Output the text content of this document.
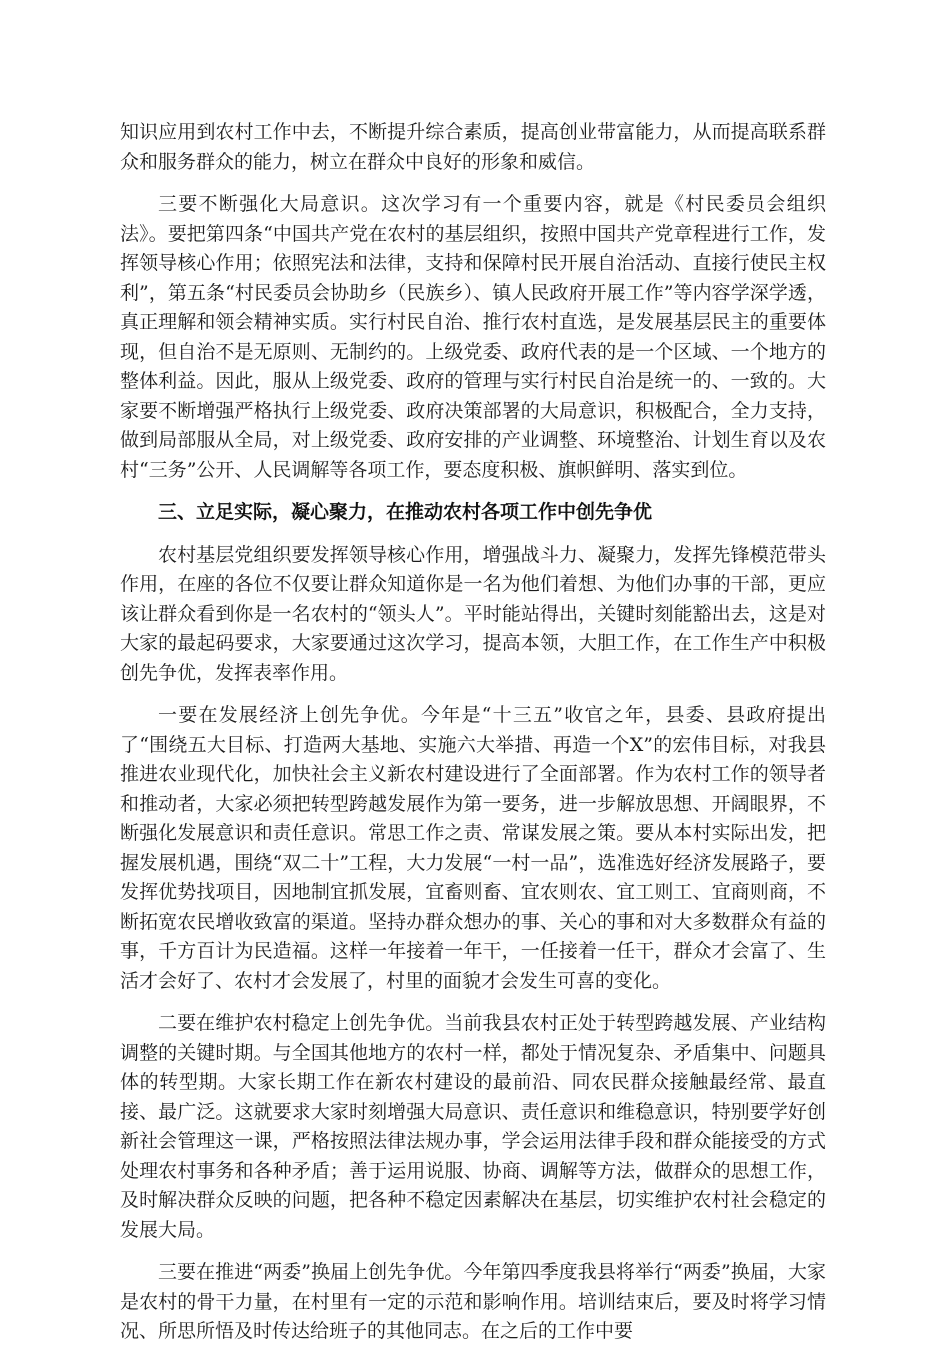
知识应用到农村工作中去，不断提升综合素质，提高创业带富能力，从而提高联系群众和服务群众的能力，树立在群众中良好的形象和威信。

三要不断强化大局意识。这次学习有一个重要内容，就是《村民委员会组织法》。要把第四条“中国共产党在农村的基层组织，按照中国共产党章程进行工作，发挥领导核心作用；依照宪法和法律，支持和保障村民开展自治活动、直接行使民主权利”，第五条“村民委员会协助乡（民族乡）、镇人民政府开展工作”等内容学深学透，真正理解和领会精神实质。实行村民自治、推行农村直选，是发展基层民主的重要体现，但自治不是无原则、无制约的。上级党委、政府代表的是一个区域、一个地方的整体利益。因此，服从上级党委、政府的管理与实行村民自治是统一的、一致的。大家要不断增强严格执行上级党委、政府决策部署的大局意识，积极配合，全力支持，做到局部服从全局，对上级党委、政府安排的产业调整、环境整治、计划生育以及农村“三务”公开、人民调解等各项工作，要态度积极、旗帜鲜明、落实到位。

三、立足实际，凝心聚力，在推动农村各项工作中创先争优

农村基层党组织要发挥领导核心作用，增强战斗力、凝聚力，发挥先锋模范带头作用，在座的各位不仅要让群众知道你是一名为他们着想、为他们办事的干部，更应该让群众看到你是一名农村的“领头人”。平时能站得出，关键时刻能豁出去，这是对大家的最起码要求，大家要通过这次学习，提高本领，大胆工作，在工作生产中积极创先争优，发挥表率作用。

一要在发展经济上创先争优。今年是“十三五”收官之年，县委、县政府提出了“围绕五大目标、打造两大基地、实施六大举措、再造一个X”的宏伟目标，对我县推进农业现代化，加快社会主义新农村建设进行了全面部署。作为农村工作的领导者和推动者，大家必须把转型跨越发展作为第一要务，进一步解放思想、开阔眼界，不断强化发展意识和责任意识。常思工作之责、常谋发展之策。要从本村实际出发，把握发展机遇，围绕“双二十”工程，大力发展“一村一品”，选准选好经济发展路子，要发挥优势找项目，因地制宜抓发展，宜畜则畜、宜农则农、宜工则工、宜商则商，不断拓宽农民增收致富的渠道。坚持办群众想办的事、关心的事和对大多数群众有益的事，千方百计为民造福。这样一年接着一年干，一任接着一任干，群众才会富了、生活才会好了、农村才会发展了，村里的面貌才会发生可喜的变化。

二要在维护农村稳定上创先争优。当前我县农村正处于转型跨越发展、产业结构调整的关键时期。与全国其他地方的农村一样，都处于情况复杂、矛盾集中、问题具体的转型期。大家长期工作在新农村建设的最前沿、同农民群众接触最经常、最直接、最广泛。这就要求大家时刻增强大局意识、责任意识和维稳意识，特别要学好创新社会管理这一课，严格按照法律法规办事，学会运用法律手段和群众能接受的方式处理农村事务和各种矛盾；善于运用说服、协商、调解等方法，做群众的思想工作，及时解决群众反映的问题，把各种不稳定因素解决在基层，切实维护农村社会稳定的发展大局。

三要在推进“两委”换届上创先争优。今年第四季度我县将举行“两委”换届，大家是农村的骨干力量，在村里有一定的示范和影响作用。培训结束后，要及时将学习情况、所思所悟及时传达给班子的其他同志。在之后的工作中要
